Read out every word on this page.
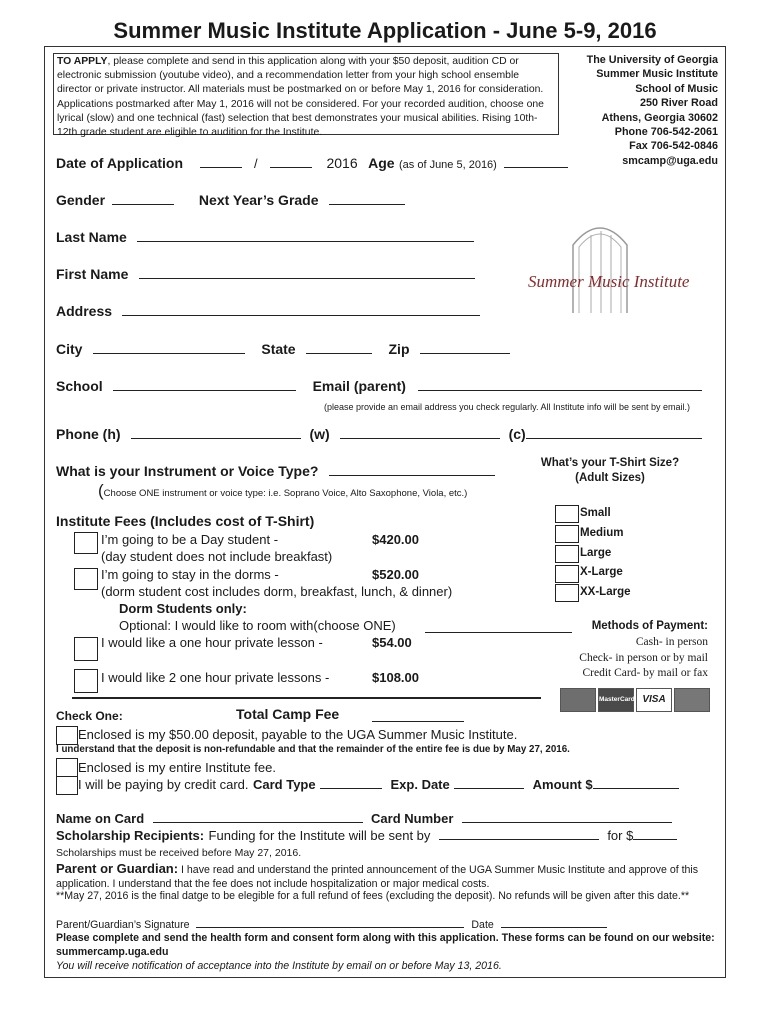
Summer Music Institute Application - June 5-9, 2016
TO APPLY, please complete and send in this application along with your $50 deposit, audition CD or electronic submission (youtube video), and a recommendation letter from your high school ensemble director or private instructor. All materials must be postmarked on or before May 1, 2016 for consideration. Applications postmarked after May 1, 2016 will not be considered. For your recorded audition, choose one lyrical (slow) and one technical (fast) selection that best demonstrates your musical abilities. Rising 10th-12th grade student are eligible to audition for the Institute.
The University of Georgia
Summer Music Institute
School of Music
250 River Road
Athens, Georgia 30602
Phone 706-542-2061
Fax 706-542-0846
smcamp@uga.edu
Date of Application	/	2016 Age (as of June 5, 2016)
Gender	Next Year’s Grade
Last Name
First Name
Address
City	State	Zip
School	Email (parent)
(please provide an email address you check regularly. All Institute info will be sent by email.)
Phone (h)	(w)	(c)
Summer Music Institute
What is your Instrument or Voice Type?
(Choose ONE instrument or voice type: i.e. Soprano Voice, Alto Saxophone, Viola, etc.)
What’s your T-Shirt Size?
(Adult Sizes)
Small
Medium
Large
X-Large
XX-Large
Institute Fees (Includes cost of T-Shirt)
I’m going to be a Day student -	$420.00
(day student does not include breakfast)
I’m going to stay in the dorms -	$520.00
(dorm student cost includes dorm, breakfast, lunch, & dinner)
Dorm Students only:
Optional: I would like to room with(choose ONE)
I would like a one hour private lesson -	$54.00
I would like 2 one hour private lessons -	$108.00
Methods of Payment:
Cash- in person
Check- in person or by mail
Credit Card- by mail or fax
MasterCard VISA
Check One:	Total Camp Fee
Enclosed is my $50.00 deposit, payable to the UGA Summer Music Institute.
I understand that the deposit is non-refundable and that the remainder of the entire fee is due by May 27, 2016.
Enclosed is my entire Institute fee.
I will be paying by credit card. Card Type	Exp. Date	Amount $
Name on Card	Card Number
Scholarship Recipients: Funding for the Institute will be sent by	for $
Scholarships must be received before May 27, 2016.
Parent or Guardian: I have read and understand the printed announcement of the UGA Summer Music Institute and approve of this application. I understand that the fee does not include hospitalization or major medical costs.
**May 27, 2016 is the final datge to be elegible for a full refund of fees (excluding the deposit). No refunds will be given after this date.**
Parent/Guardian’s Signature	Date
Please complete and send the health form and consent form along with this application. These forms can be found on our website: summercamp.uga.edu
You will receive notification of acceptance into the Institute by email on or before May 13, 2016.
